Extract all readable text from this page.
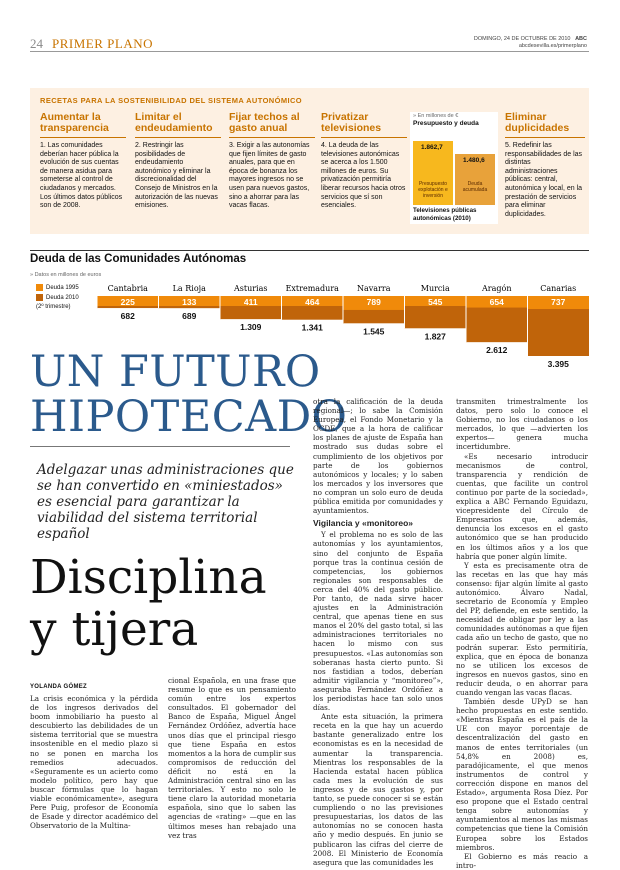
24 PRIMER PLANO	DOMINGO, 24 DE OCTUBRE DE 2010 ABC
abcdesevilla.es/primerplano
RECETAS PARA LA SOSTENIBILIDAD DEL SISTEMA AUTONÓMICO
Aumentar la transparencia
1. Las comunidades deberían hacer pública la evolución de sus cuentas de manera asidua para someterse al control de ciudadanos y mercados. Los últimos datos públicos son de 2008.
Limitar el endeudamiento
2. Restringir las posibilidades de endeudamiento autonómico y eliminar la discrecionalidad del Consejo de Ministros en la autorización de las nuevas emisiones.
Fijar techos al gasto anual
3. Exigir a las autonomías que fijen límites de gasto anuales, para que en época de bonanza los mayores ingresos no se usen para nuevos gastos, sino a ahorrar para las vacas flacas.
Privatizar televisiones
4. La deuda de las televisiones autonómicas se acerca a los 1.500 millones de euros. Su privatización permitiría liberar recursos hacia otros servicios que sí son esenciales.
Eliminar duplicidades
5. Redefinir las responsabilidades de las distintas administraciones públicas: central, autonómica y local, en la prestación de servicios para eliminar duplicidades.
» En millones de €
Presupuesto y deuda
1.862,7
1.480,6
Presupuesto explotación e inversión
Deuda acumulada
Televisiones públicas autonómicas (2010)
Deuda de las Comunidades Autónomas
» Datos en millones de euros
Deuda 1995
Deuda 2010
(2º trimestre)
Cantabria
225
682
La Rioja
133
689
Asturias
411
1.309
Extremadura
464
1.341
Navarra
789
1.545
Murcia
545
1.827
Aragón
654
2.612
Canarias
737
3.395
UN FUTURO
HIPOTECADO
Adelgazar unas administraciones que se han convertido en «miniestados» es esencial para garantizar la viabilidad del sistema territorial español
Disciplina
y tijera
YOLANDA GÓMEZ

La crisis económica y la pérdida de los ingresos derivados del boom inmobiliario ha puesto al descubierto las debilidades de un sistema territorial que se muestra insostenible en el medio plazo si no se ponen en marcha los remedios adecuados. «Seguramente es un acierto como modelo político, pero hay que buscar fórmulas que lo hagan viable económicamente», asegura Pere Puig, profesor de Economía de Esade y director académico del Observatorio de la Multina-

cional Española, en una frase que resume lo que es un pensamiento común entre los expertos consultados. El gobernador del Banco de España, Miguel Ángel Fernández Ordóñez, advertía hace unos días que el principal riesgo que tiene España en estos momentos a la hora de cumplir sus compromisos de reducción del déficit no está en la Administración central sino en las territoriales. Y esto no solo le tiene claro la autoridad monetaria española, sino que lo saben las agencias de «rating» —que en las últimos meses han rebajado una vez tras

otra la calificación de la deuda regional—; lo sabe la Comisión Europea, el Fondo Monetario y la OCDE, que a la hora de calificar los planes de ajuste de España han mostrado sus dudas sobre el cumplimiento de los objetivos por parte de los gobiernos autonómicos y locales; y lo saben los mercados y los inversores que no compran un solo euro de deuda pública emitida por comunidades y ayuntamientos.

Vigilancia y «monitoreo»

Y el problema no es solo de las autonomías y los ayuntamientos, sino del conjunto de España porque tras la continua cesión de competencias, los gobiernos regionales son responsables de cerca del 40% del gasto público. Por tanto, de nada sirve hacer ajustes en la Administración central, que apenas tiene en sus manos el 20% del gasto total, si las administraciones territoriales no hacen lo mismo con sus presupuestos. «Las autonomías son soberanas hasta cierto punto. Si nos fastidian a todos, deberían admitir vigilancia y “monitoreo”», aseguraba Fernández Ordóñez a los periodistas hace tan solo unos días.

Ante esta situación, la primera receta en la que hay un acuerdo bastante generalizado entre los economistas es en la necesidad de aumentar la transparencia. Mientras los responsables de la Hacienda estatal hacen pública cada mes la evolución de sus ingresos y de sus gastos y, por tanto, se puede conocer si se están cumpliendo o no las previsiones presupuestarias, los datos de las autonomías no se conocen hasta año y medio después. En junio se publicaron las cifras del cierre de 2008. El Ministerio de Economía asegura que las comunidades les

transmiten trimestralmente los datos, pero solo lo conoce el Gobierno, no los ciudadanos o los mercados, lo que —advierten los expertos— genera mucha incertidumbre.

«Es necesario introducir mecanismos de control, transparencia y rendición de cuentas, que facilite un control continuo por parte de la sociedad», explica a ABC Fernando Eguidazu, vicepresidente del Círculo de Empresarios que, además, denuncia los excesos en el gasto autonómico que se han producido en los últimos años y a los que habría que poner algún límite.

Y esta es precisamente otra de las recetas en las que hay más consenso: fijar algún límite al gasto autonómico. Álvaro Nadal, secretario de Economía y Empleo del PP, defiende, en este sentido, la necesidad de obligar por ley a las comunidades autónomas a que fijen cada año un techo de gasto, que no podrán superar. Esto permitiría, explica, que en época de bonanza no se utilicen los excesos de ingresos en nuevos gastos, sino en reducir deuda, o en ahorrar para cuando vengan las vacas flacas.

También desde UPyD se han hecho propuestas en este sentido. «Mientras España es el país de la UE con mayor porcentaje de descentralización del gasto en manos de entes territoriales (un 54,8% en 2008) es, paradójicamente, el que menos instrumentos de control y corrección dispone en manos del Estado», argumenta Rosa Díez. Por eso propone que el Estado central tenga sobre autonomías y ayuntamientos al menos las mismas competencias que tiene la Comisión Europea sobre los Estados miembros.

El Gobierno es más reacio a intro-
